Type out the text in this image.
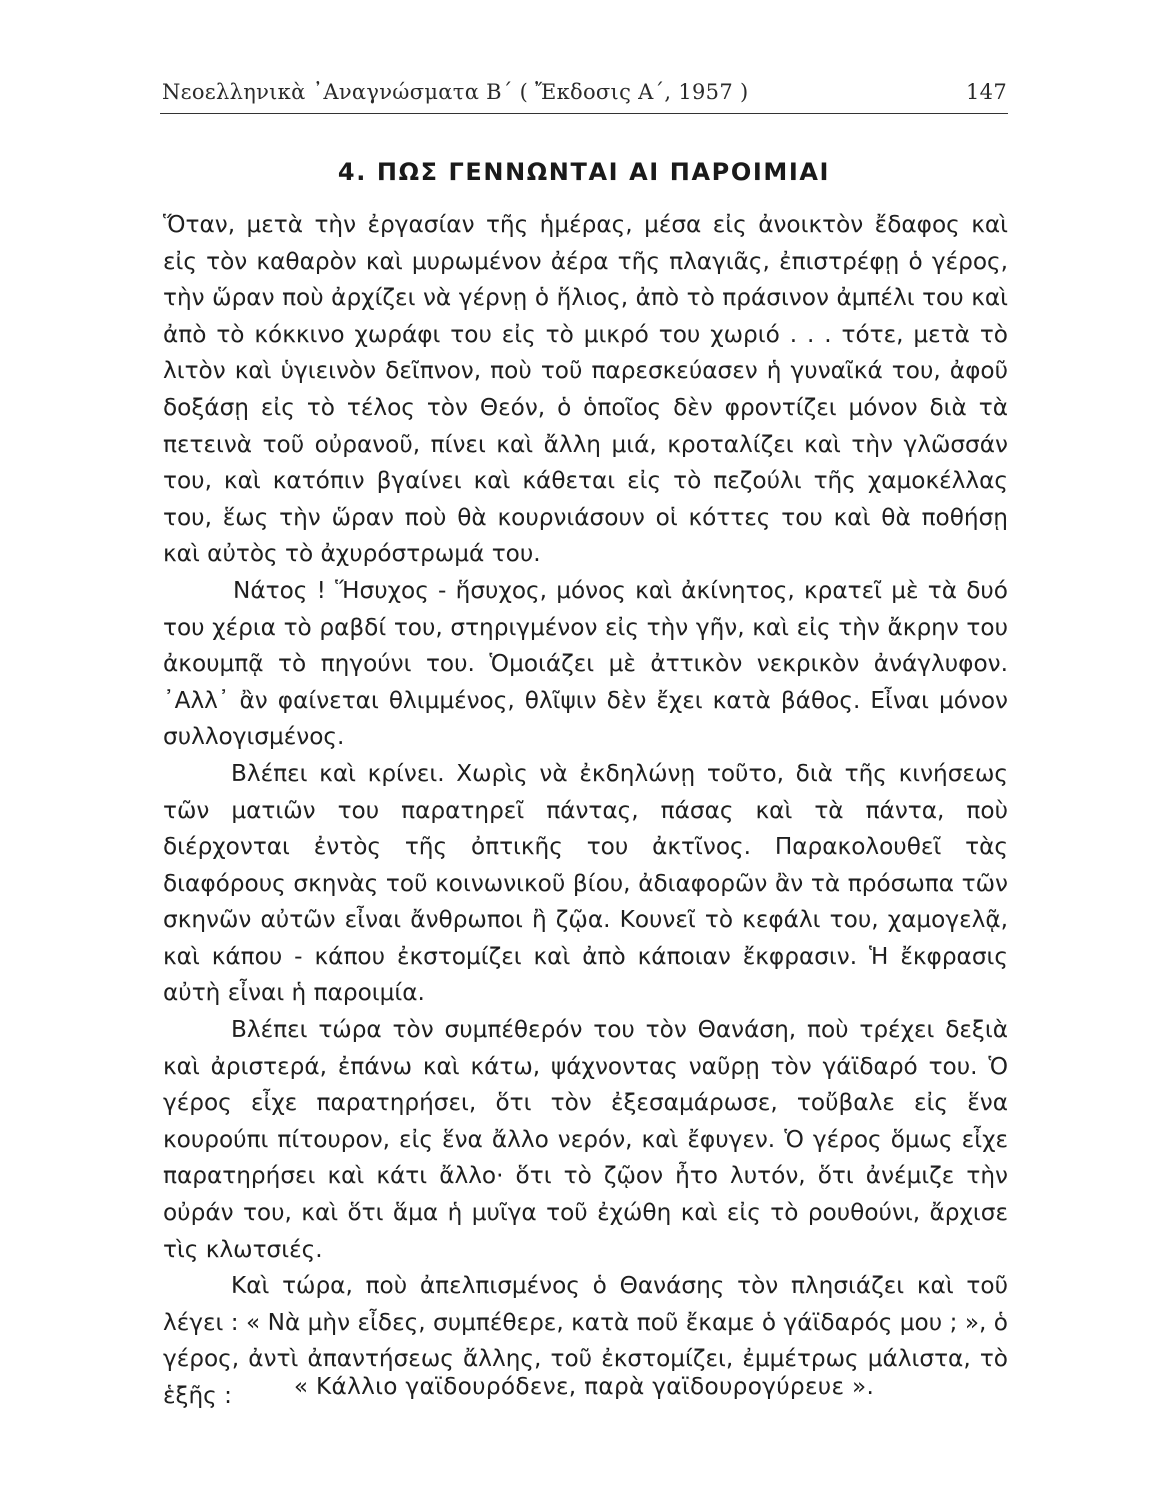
Νεοελληνικὰ ᾿Αναγνώσματα Β΄ ( Ἔκδοσις Α΄, 1957 )	147
4. ΠΩΣ ΓΕΝΝΩΝΤΑΙ ΑΙ ΠΑΡΟΙΜΙΑΙ

Ὅταν, μετὰ τὴν ἐργασίαν τῆς ἡμέρας, μέσα εἰς ἀνοικτὸν ἔδαφος καὶ εἰς τὸν καθαρὸν καὶ μυρωμένον ἀέρα τῆς πλαγιᾶς, ἐπιστρέφῃ ὁ γέρος, τὴν ὥραν ποὺ ἀρχίζει νὰ γέρνῃ ὁ ἥλιος, ἀπὸ τὸ πράσινον ἀμπέλι του καὶ ἀπὸ τὸ κόκκινο χωράφι του εἰς τὸ μικρό του χωριό . . . τότε, μετὰ τὸ λιτὸν καὶ ὑγιεινὸν δεῖπνον, ποὺ τοῦ παρεσκεύασεν ἡ γυναῖκά του, ἀφοῦ δοξάσῃ εἰς τὸ τέλος τὸν Θεόν, ὁ ὁποῖος δὲν φροντίζει μόνον διὰ τὰ πετεινὰ τοῦ οὐρανοῦ, πίνει καὶ ἄλλη μιά, κροταλίζει καὶ τὴν γλῶσσάν του, καὶ κατόπιν βγαίνει καὶ κάθεται εἰς τὸ πεζούλι τῆς χαμοκέλλας του, ἕως τὴν ὥραν ποὺ θὰ κουρνιάσουν οἱ κόττες του καὶ θὰ ποθήσῃ καὶ αὐτὸς τὸ ἀχυρόστρωμά του.

Νάτος ! Ἥσυχος - ἥσυχος, μόνος καὶ ἀκίνητος, κρατεῖ μὲ τὰ δυό του χέρια τὸ ραβδί του, στηριγμένον εἰς τὴν γῆν, καὶ εἰς τὴν ἄκρην του ἀκουμπᾷ τὸ πηγούνι του. Ὁμοιάζει μὲ ἀττικὸν νεκρικὸν ἀνάγλυφον. ᾿Αλλ᾿ ἂν φαίνεται θλιμμένος, θλῖψιν δὲν ἔχει κατὰ βάθος. Εἶναι μόνον συλλογισμένος.

Βλέπει καὶ κρίνει. Χωρὶς νὰ ἐκδηλώνῃ τοῦτο, διὰ τῆς κινήσεως τῶν ματιῶν του παρατηρεῖ πάντας, πάσας καὶ τὰ πάντα, ποὺ διέρχονται ἐντὸς τῆς ὀπτικῆς του ἀκτῖνος. Παρακολουθεῖ τὰς διαφόρους σκηνὰς τοῦ κοινωνικοῦ βίου, ἀδιαφορῶν ἂν τὰ πρόσωπα τῶν σκηνῶν αὐτῶν εἶναι ἄνθρωποι ἢ ζῷα. Κουνεῖ τὸ κεφάλι του, χαμογελᾷ, καὶ κάπου - κάπου ἐκστομίζει καὶ ἀπὸ κάποιαν ἔκφρασιν. Ἡ ἔκφρασις αὐτὴ εἶναι ἡ παροιμία.

Βλέπει τώρα τὸν συμπέθερόν του τὸν Θανάση, ποὺ τρέχει δεξιὰ καὶ ἀριστερά, ἐπάνω καὶ κάτω, ψάχνοντας ναῦρῃ τὸν γάϊδαρό του. Ὁ γέρος εἶχε παρατηρήσει, ὅτι τὸν ἐξεσαμάρωσε, τοὔβαλε εἰς ἕνα κουρούπι πίτουρον, εἰς ἕνα ἄλλο νερόν, καὶ ἔφυγεν. Ὁ γέρος ὅμως εἶχε παρατηρήσει καὶ κάτι ἄλλο· ὅτι τὸ ζῷον ἦτο λυτόν, ὅτι ἀνέμιζε τὴν οὐράν του, καὶ ὅτι ἅμα ἡ μυῖγα τοῦ ἐχώθη καὶ εἰς τὸ ρουθούνι, ἄρχισε τὶς κλωτσιές.

Καὶ τώρα, ποὺ ἀπελπισμένος ὁ Θανάσης τὸν πλησιάζει καὶ τοῦ λέγει : « Νὰ μὴν εἶδες, συμπέθερε, κατὰ ποῦ ἔκαμε ὁ γάϊδαρός μου ; », ὁ γέρος, ἀντὶ ἀπαντήσεως ἄλλης, τοῦ ἐκστομίζει, ἐμμέτρως μάλιστα, τὸ ἑξῆς :	« Κάλλιο γαϊδουρόδενε, παρὰ γαϊδουρογύρευε ».
